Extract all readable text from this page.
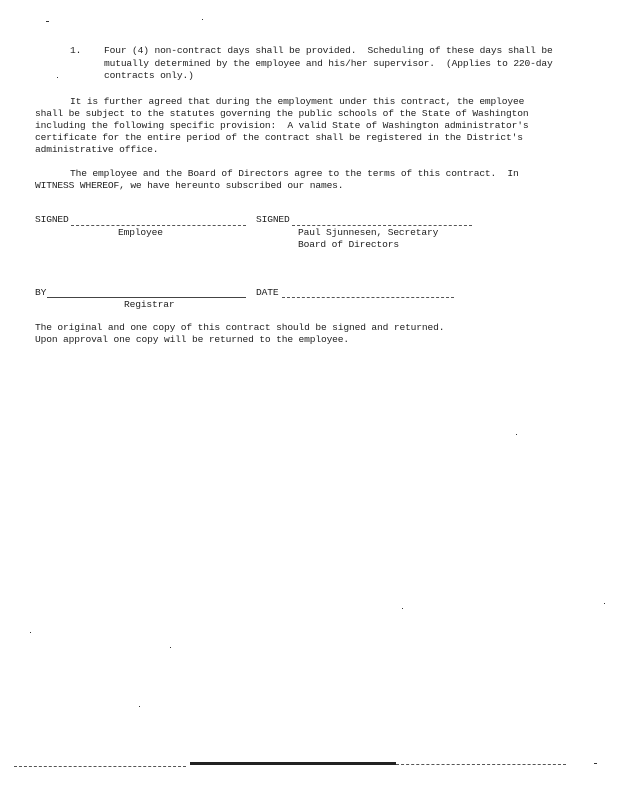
1. Four (4) non-contract days shall be provided.  Scheduling of these days shall be
mutually determined by the employee and his/her supervisor.  (Applies to 220-day
contracts only.)
It is further agreed that during the employment under this contract, the employee
shall be subject to the statutes governing the public schools of the State of Washington
including the following specific provision:  A valid State of Washington administrator's
certificate for the entire period of the contract shall be registered in the District's
administrative office.
The employee and the Board of Directors agree to the terms of this contract.  In
WITNESS WHEREOF, we have hereunto subscribed our names.
SIGNED
Employee
SIGNED
Paul Sjunnesen, Secretary
Board of Directors
BY
Registrar
DATE
The original and one copy of this contract should be signed and returned.
Upon approval one copy will be returned to the employee.
